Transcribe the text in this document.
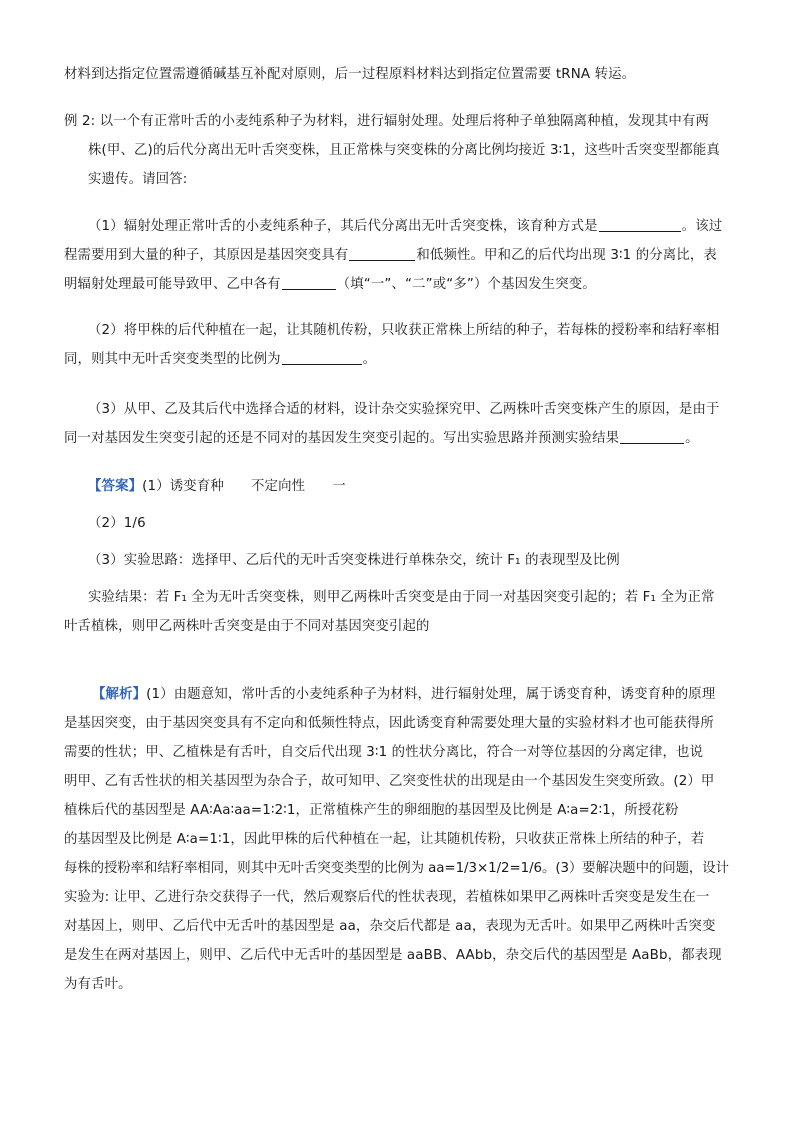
材料到达指定位置需遵循碱基互补配对原则，后一过程原料材料达到指定位置需要 tRNA 转运。
例 2: 以一个有正常叶舌的小麦纯系种子为材料，进行辐射处理。处理后将种子单独隔离种植，发现其中有两
株(甲、乙)的后代分离出无叶舌突变株，且正常株与突变株的分离比例均接近 3∶1，这些叶舌突变型都能真
实遗传。请回答:
（1）辐射处理正常叶舌的小麦纯系种子，其后代分离出无叶舌突变株，该育种方式是	。该过
程需要用到大量的种子，其原因是基因突变具有	和低频性。甲和乙的后代均出现 3∶1 的分离比，表
明辐射处理最可能导致甲、乙中各有	（填“一”、“二”或“多”）个基因发生突变。
（2）将甲株的后代种植在一起，让其随机传粉，只收获正常株上所结的种子，若每株的授粉率和结籽率相
同，则其中无叶舌突变类型的比例为	。
（3）从甲、乙及其后代中选择合适的材料，设计杂交实验探究甲、乙两株叶舌突变株产生的原因，是由于
同一对基因发生突变引起的还是不同对的基因发生突变引起的。写出实验思路并预测实验结果	。
【答案】(1）诱变育种　　不定向性　　一
（2）1/6
（3）实验思路：选择甲、乙后代的无叶舌突变株进行单株杂交，统计 F₁ 的表现型及比例
实验结果：若 F₁ 全为无叶舌突变株，则甲乙两株叶舌突变是由于同一对基因突变引起的；若 F₁ 全为正常
叶舌植株，则甲乙两株叶舌突变是由于不同对基因突变引起的
【解析】(1）由题意知，常叶舌的小麦纯系种子为材料，进行辐射处理，属于诱变育种，诱变育种的原理
是基因突变，由于基因突变具有不定向和低频性特点，因此诱变育种需要处理大量的实验材料才也可能获得所
需要的性状；甲、乙植株是有舌叶，自交后代出现 3∶1 的性状分离比，符合一对等位基因的分离定律，也说
明甲、乙有舌性状的相关基因型为杂合子，故可知甲、乙突变性状的出现是由一个基因发生突变所致。(2）甲
植株后代的基因型是 AA∶Aa∶aa=1∶2∶1，正常植株产生的卵细胞的基因型及比例是 A∶a=2∶1，所授花粉
的基因型及比例是 A∶a=1∶1，因此甲株的后代种植在一起，让其随机传粉，只收获正常株上所结的种子，若
每株的授粉率和结籽率相同，则其中无叶舌突变类型的比例为 aa=1/3×1/2=1/6。(3）要解决题中的问题，设计
实验为: 让甲、乙进行杂交获得子一代，然后观察后代的性状表现，若植株如果甲乙两株叶舌突变是发生在一
对基因上，则甲、乙后代中无舌叶的基因型是 aa，杂交后代都是 aa，表现为无舌叶。如果甲乙两株叶舌突变
是发生在两对基因上，则甲、乙后代中无舌叶的基因型是 aaBB、AAbb，杂交后代的基因型是 AaBb，都表现
为有舌叶。
